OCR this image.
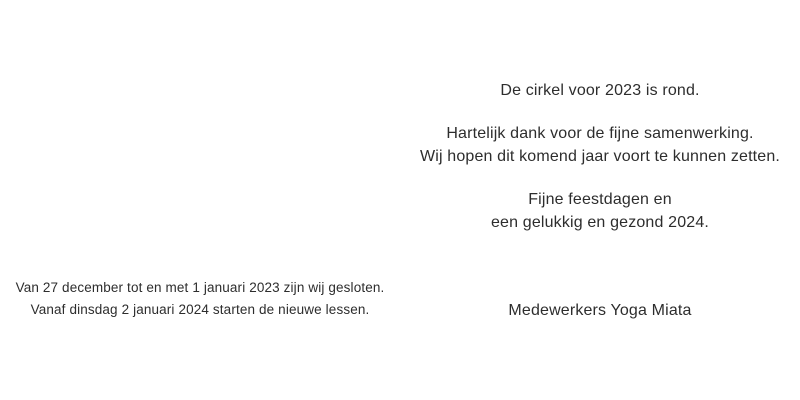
Van 27 december tot en met 1 januari 2023 zijn wij gesloten.
Vanaf dinsdag 2 januari 2024 starten de nieuwe lessen.

De cirkel voor 2023 is rond.

Hartelijk dank voor de fijne samenwerking.
Wij hopen dit komend jaar voort te kunnen zetten.

Fijne feestdagen en
een gelukkig en gezond 2024.

Medewerkers Yoga Miata
